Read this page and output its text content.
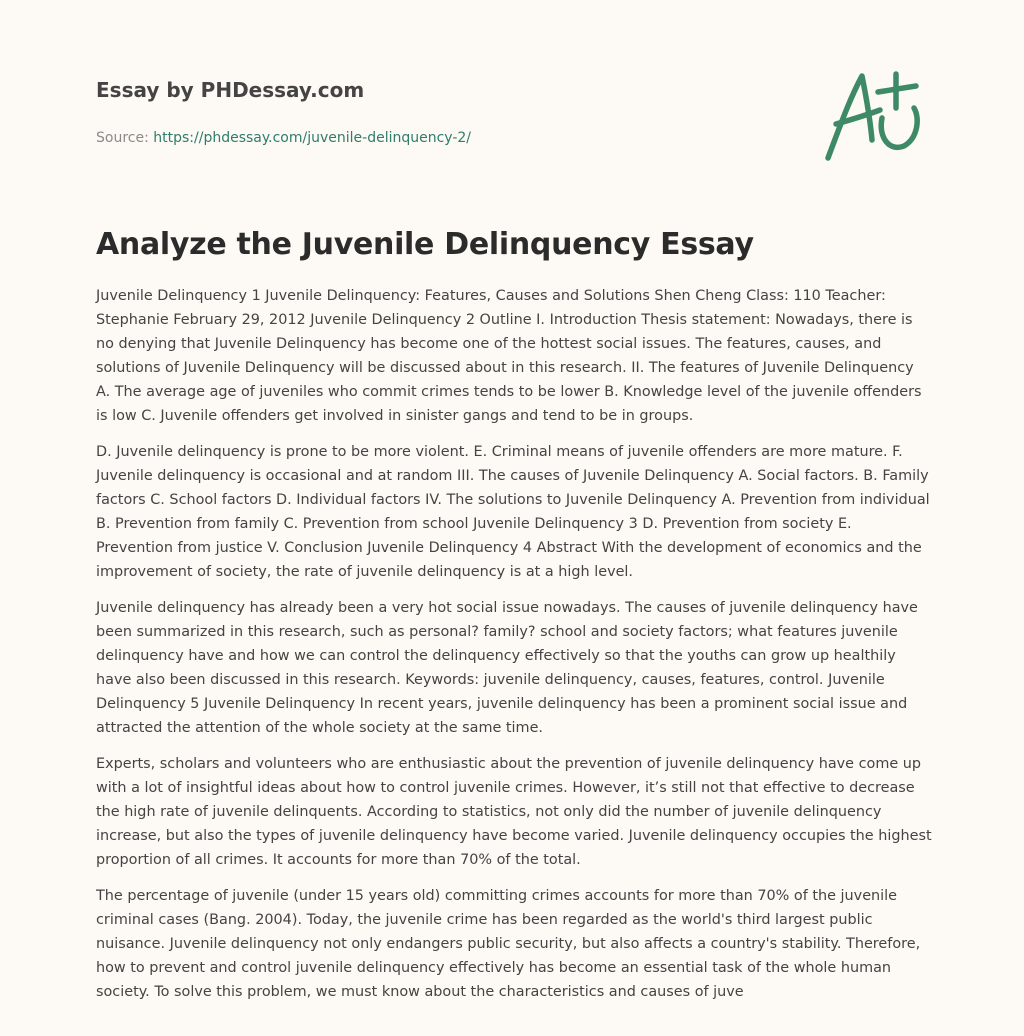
Essay by PHDessay.com
Source: https://phdessay.com/juvenile-delinquency-2/
Analyze the Juvenile Delinquency Essay

Juvenile Delinquency 1 Juvenile Delinquency: Features, Causes and Solutions Shen Cheng Class: 110 Teacher: Stephanie February 29, 2012 Juvenile Delinquency 2 Outline I. Introduction Thesis statement: Nowadays, there is no denying that Juvenile Delinquency has become one of the hottest social issues. The features, causes, and solutions of Juvenile Delinquency will be discussed about in this research. II. The features of Juvenile Delinquency A. The average age of juveniles who commit crimes tends to be lower B. Knowledge level of the juvenile offenders is low C. Juvenile offenders get involved in sinister gangs and tend to be in groups.

D. Juvenile delinquency is prone to be more violent. E. Criminal means of juvenile offenders are more mature. F. Juvenile delinquency is occasional and at random III. The causes of Juvenile Delinquency A. Social factors. B. Family factors C. School factors D. Individual factors IV. The solutions to Juvenile Delinquency A. Prevention from individual B. Prevention from family C. Prevention from school Juvenile Delinquency 3 D. Prevention from society E. Prevention from justice V. Conclusion Juvenile Delinquency 4 Abstract With the development of economics and the improvement of society, the rate of juvenile delinquency is at a high level.

Juvenile delinquency has already been a very hot social issue nowadays. The causes of juvenile delinquency have been summarized in this research, such as personal? family? school and society factors; what features juvenile delinquency have and how we can control the delinquency effectively so that the youths can grow up healthily have also been discussed in this research. Keywords: juvenile delinquency, causes, features, control. Juvenile Delinquency 5 Juvenile Delinquency In recent years, juvenile delinquency has been a prominent social issue and attracted the attention of the whole society at the same time.

Experts, scholars and volunteers who are enthusiastic about the prevention of juvenile delinquency have come up with a lot of insightful ideas about how to control juvenile crimes. However, it’s still not that effective to decrease the high rate of juvenile delinquents. According to statistics, not only did the number of juvenile delinquency increase, but also the types of juvenile delinquency have become varied. Juvenile delinquency occupies the highest proportion of all crimes. It accounts for more than 70% of the total.

The percentage of juvenile (under 15 years old) committing crimes accounts for more than 70% of the juvenile criminal cases (Bang. 2004). Today, the juvenile crime has been regarded as the world's third largest public nuisance. Juvenile delinquency not only endangers public security, but also affects a country's stability. Therefore, how to prevent and control juvenile delinquency effectively has become an essential task of the whole human society. To solve this problem, we must know about the characteristics and causes of juve
